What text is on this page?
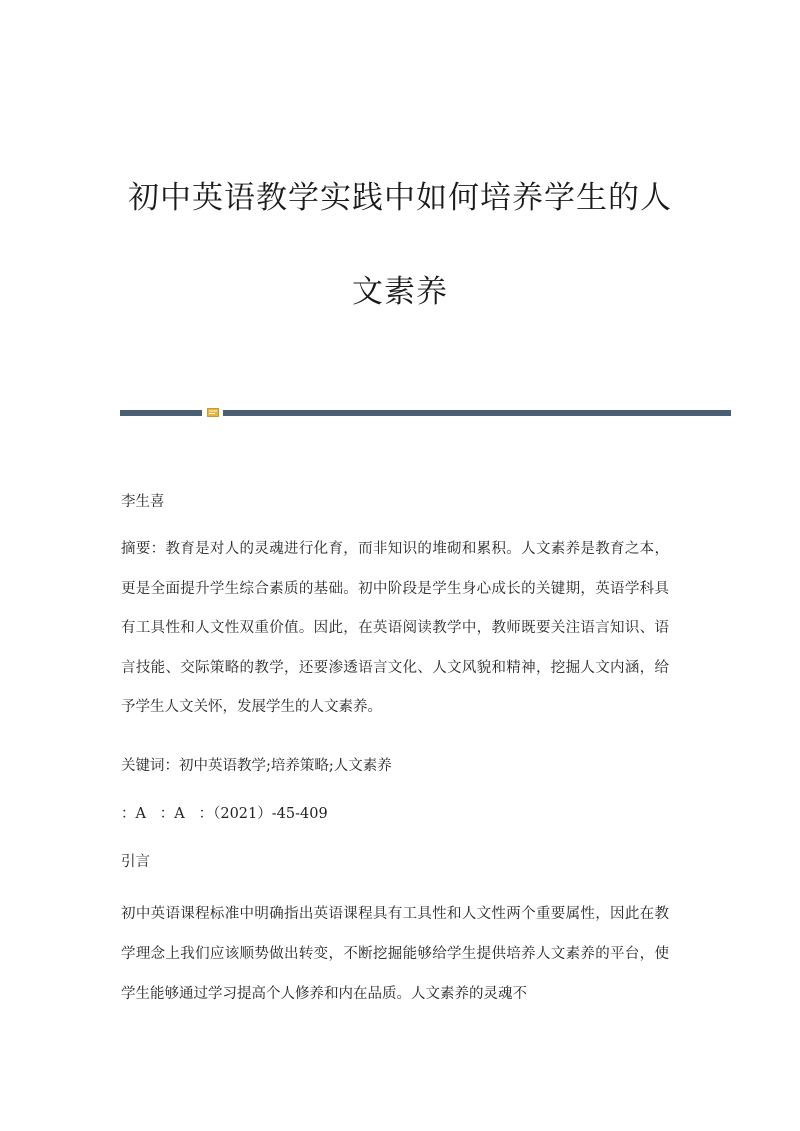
初中英语教学实践中如何培养学生的人
文素养
李生喜
摘要：教育是对人的灵魂进行化育，而非知识的堆砌和累积。人文素养是教育之本，更是全面提升学生综合素质的基础。初中阶段是学生身心成长的关键期，英语学科具有工具性和人文性双重价值。因此，在英语阅读教学中，教师既要关注语言知识、语言技能、交际策略的教学，还要渗透语言文化、人文风貌和精神，挖掘人文内涵，给予学生人文关怀，发展学生的人文素养。
关键词：初中英语教学;培养策略;人文素养
：A   ：A   ：（2021）-45-409
引言
初中英语课程标准中明确指出英语课程具有工具性和人文性两个重要属性，因此在教学理念上我们应该顺势做出转变，不断挖掘能够给学生提供培养人文素养的平台，使学生能够通过学习提高个人修养和内在品质。人文素养的灵魂不
